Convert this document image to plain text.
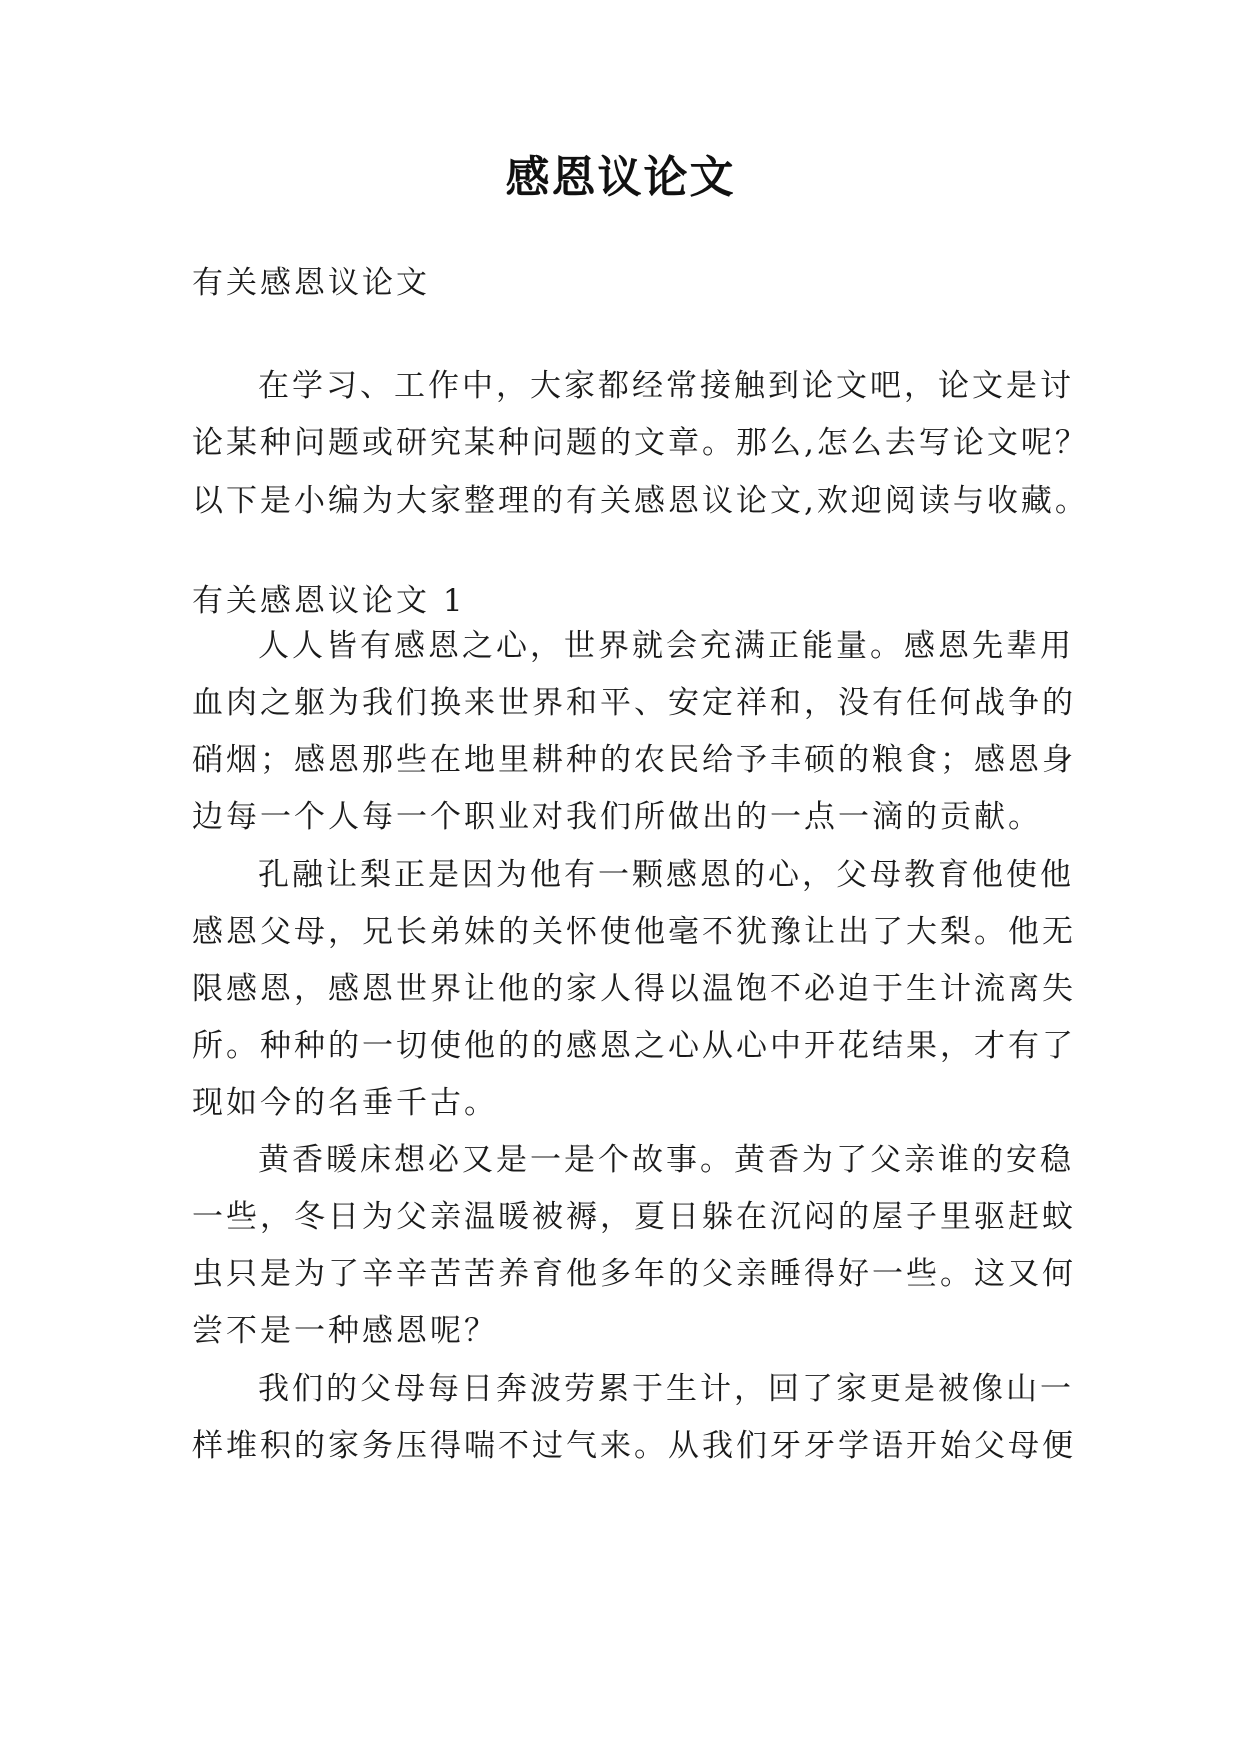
感恩议论文
有关感恩议论文
在学习、工作中，大家都经常接触到论文吧，论文是讨
论某种问题或研究某种问题的文章。那么,怎么去写论文呢？
以下是小编为大家整理的有关感恩议论文,欢迎阅读与收藏。
有关感恩议论文 1
人人皆有感恩之心，世界就会充满正能量。感恩先辈用
血肉之躯为我们换来世界和平、安定祥和，没有任何战争的
硝烟；感恩那些在地里耕种的农民给予丰硕的粮食；感恩身
边每一个人每一个职业对我们所做出的一点一滴的贡献。
孔融让梨正是因为他有一颗感恩的心，父母教育他使他
感恩父母，兄长弟妹的关怀使他毫不犹豫让出了大梨。他无
限感恩，感恩世界让他的家人得以温饱不必迫于生计流离失
所。种种的一切使他的的感恩之心从心中开花结果，才有了
现如今的名垂千古。
黄香暖床想必又是一是个故事。黄香为了父亲谁的安稳
一些，冬日为父亲温暖被褥，夏日躲在沉闷的屋子里驱赶蚊
虫只是为了辛辛苦苦养育他多年的父亲睡得好一些。这又何
尝不是一种感恩呢？
我们的父母每日奔波劳累于生计，回了家更是被像山一
样堆积的家务压得喘不过气来。从我们牙牙学语开始父母便
